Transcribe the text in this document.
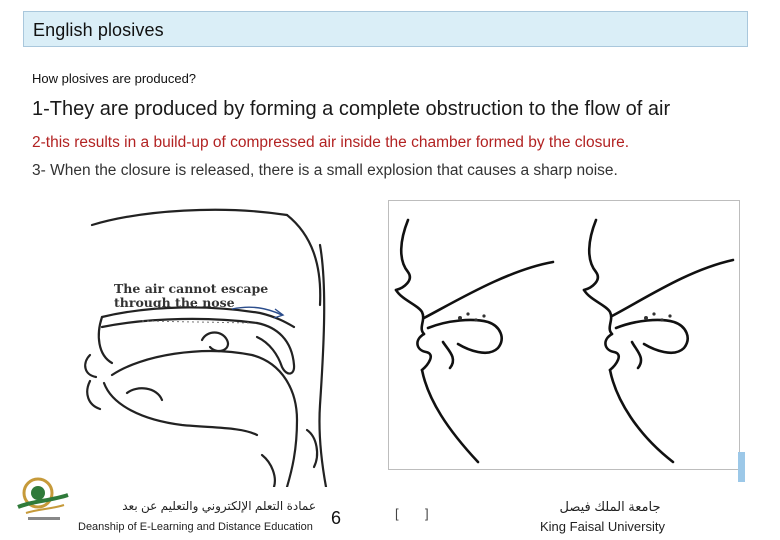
English plosives
How plosives are produced?
1-They are produced by forming a complete obstruction to the flow of air
2-this results in a build-up of compressed air inside the chamber formed by the closure.
3- When the closure is released, there is a small explosion that causes a sharp noise.
The air cannot escape
through the nose
عمادة التعلم الإلكتروني والتعليم عن بعد
Deanship of E-Learning and Distance Education 6	[ ]	جامعة الملك فيصل
King Faisal University
